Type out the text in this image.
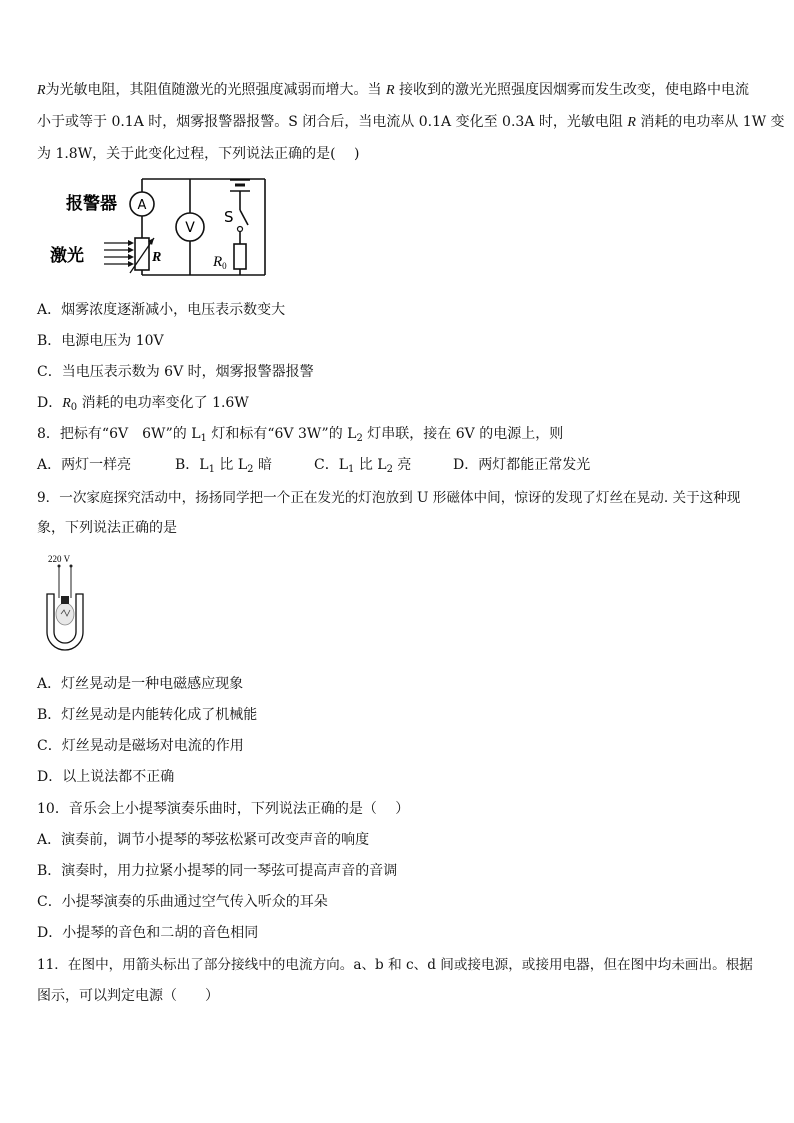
R为光敏电阻，其阻值随激光的光照强度减弱而增大。当 R 接收到的激光光照强度因烟雾而发生改变，使电路中电流
小于或等于 0.1A 时，烟雾报警器报警。S 闭合后，当电流从 0.1A 变化至 0.3A 时，光敏电阻 R 消耗的电功率从 1W 变
为 1.8W，关于此变化过程，下列说法正确的是(　 )
A
R
报警器
激光
V
S
$R_0$
A．烟雾浓度逐渐减小，电压表示数变大
B．电源电压为 10V
C．当电压表示数为 6V 时，烟雾报警器报警
D．$R_0$ 消耗的电功率变化了 1.6W
8．把标有“6V　6W”的 $L_1$ 灯和标有“6V 3W”的 $L_2$ 灯串联，接在 6V 的电源上，则
A．两灯一样亮	B．$L_1$ 比 $L_2$ 暗	C．$L_1$ 比 $L_2$ 亮	D．两灯都能正常发光
9．一次家庭探究活动中，扬扬同学把一个正在发光的灯泡放到 U 形磁体中间，惊讶的发现了灯丝在晃动. 关于这种现
象，下列说法正确的是
220 V
A．灯丝晃动是一种电磁感应现象
B．灯丝晃动是内能转化成了机械能
C．灯丝晃动是磁场对电流的作用
D．以上说法都不正确
10．音乐会上小提琴演奏乐曲时，下列说法正确的是（　 ）
A．演奏前，调节小提琴的琴弦松紧可改变声音的响度
B．演奏时，用力拉紧小提琴的同一琴弦可提高声音的音调
C．小提琴演奏的乐曲通过空气传入听众的耳朵
D．小提琴的音色和二胡的音色相同
11．在图中，用箭头标出了部分接线中的电流方向。a、b 和 c、d 间或接电源，或接用电器，但在图中均未画出。根据
图示，可以判定电源（　　）
